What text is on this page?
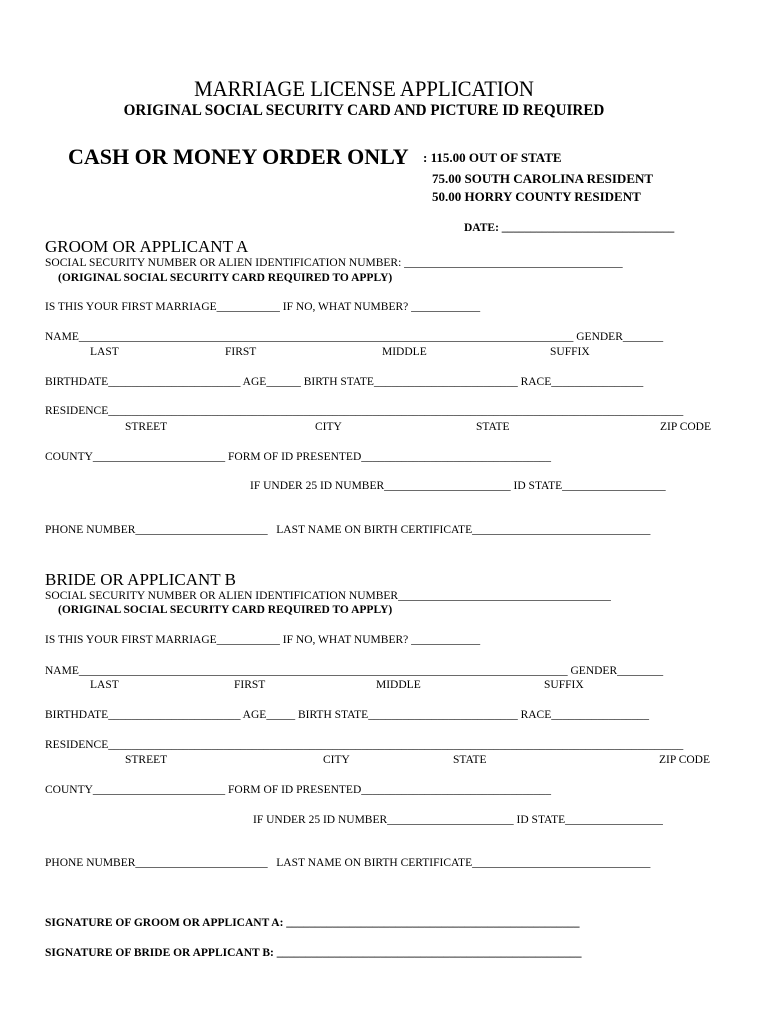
MARRIAGE LICENSE APPLICATION
ORIGINAL SOCIAL SECURITY CARD AND PICTURE ID REQUIRED
CASH OR MONEY ORDER ONLY : 115.00 OUT OF STATE
75.00 SOUTH CAROLINA RESIDENT
50.00 HORRY COUNTY RESIDENT
DATE: ______________________________
GROOM OR APPLICANT A
SOCIAL SECURITY NUMBER OR ALIEN IDENTIFICATION NUMBER: ______________________________________
(ORIGINAL SOCIAL SECURITY CARD REQUIRED TO APPLY)
IS THIS YOUR FIRST MARRIAGE___________ IF NO, WHAT NUMBER? ____________
NAME______________________________________________________________________________________ GENDER_______
LAST	FIRST	MIDDLE	SUFFIX
BIRTHDATE_______________________ AGE______ BIRTH STATE_________________________ RACE________________
RESIDENCE____________________________________________________________________________________________________
STREET	CITY	STATE	ZIP CODE
COUNTY_______________________ FORM OF ID PRESENTED_________________________________
IF UNDER 25 ID NUMBER______________________ ID STATE__________________
PHONE NUMBER_______________________   LAST NAME ON BIRTH CERTIFICATE_______________________________
BRIDE OR APPLICANT B
SOCIAL SECURITY NUMBER OR ALIEN IDENTIFICATION NUMBER_____________________________________
(ORIGINAL SOCIAL SECURITY CARD REQUIRED TO APPLY)
IS THIS YOUR FIRST MARRIAGE___________ IF NO, WHAT NUMBER? ____________
NAME_____________________________________________________________________________________ GENDER________
LAST	FIRST	MIDDLE	SUFFIX
BIRTHDATE_______________________ AGE_____ BIRTH STATE__________________________ RACE_________________
RESIDENCE____________________________________________________________________________________________________
STREET	CITY	STATE	ZIP CODE
COUNTY_______________________ FORM OF ID PRESENTED_________________________________
IF UNDER 25 ID NUMBER______________________ ID STATE_________________
PHONE NUMBER_______________________   LAST NAME ON BIRTH CERTIFICATE_______________________________
SIGNATURE OF GROOM OR APPLICANT A: ___________________________________________________
SIGNATURE OF BRIDE OR APPLICANT B: _____________________________________________________
